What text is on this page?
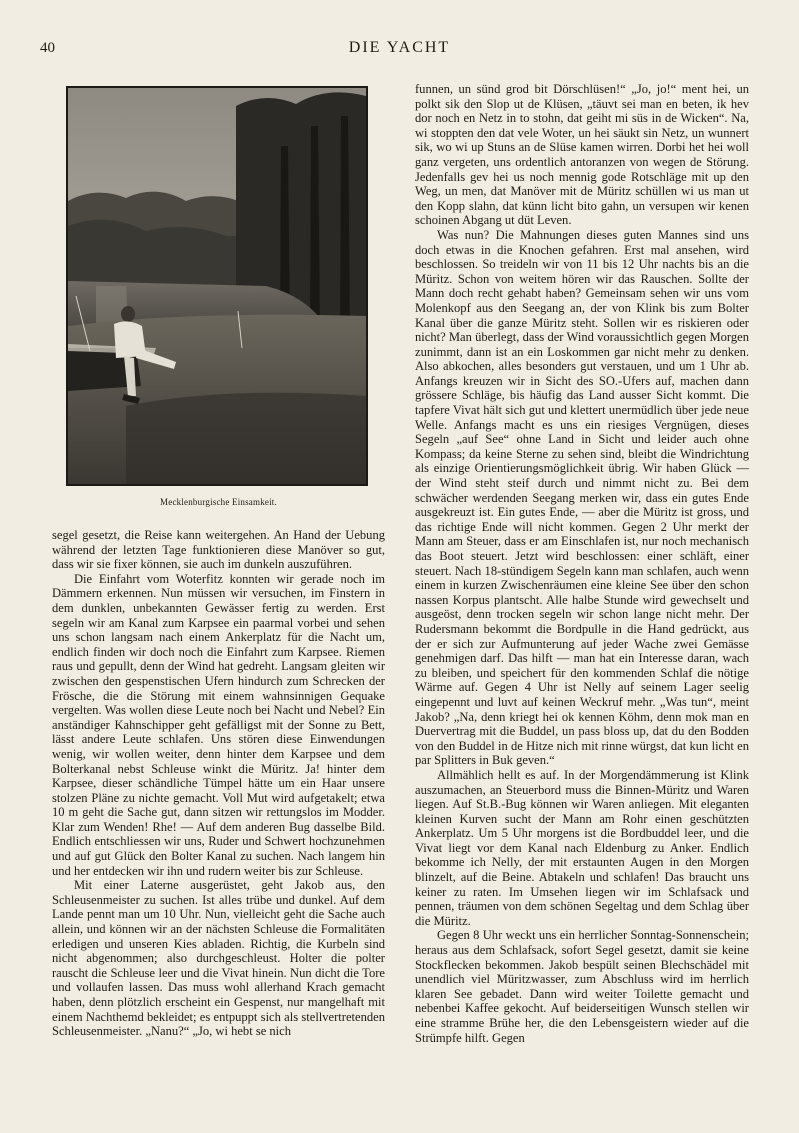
40	DIE YACHT
Mecklenburgische Einsamkeit.

segel gesetzt, die Reise kann weitergehen. An Hand der Uebung während der letzten Tage funktionieren diese Manöver so gut, dass wir sie fixer können, sie auch im dunkeln auszuführen.

Die Einfahrt vom Woterfitz konnten wir gerade noch im Dämmern erkennen. Nun müssen wir versuchen, im Finstern in dem dunklen, unbekannten Gewässer fertig zu werden. Erst segeln wir am Kanal zum Karpsee ein paarmal vorbei und sehen uns schon langsam nach einem Ankerplatz für die Nacht um, endlich finden wir doch noch die Einfahrt zum Karpsee. Riemen raus und gepullt, denn der Wind hat gedreht. Langsam gleiten wir zwischen den gespenstischen Ufern hindurch zum Schrecken der Frösche, die die Störung mit einem wahnsinnigen Gequake vergelten. Was wollen diese Leute noch bei Nacht und Nebel? Ein anständiger Kahnschipper geht gefälligst mit der Sonne zu Bett, lässt andere Leute schlafen. Uns stören diese Einwendungen wenig, wir wollen weiter, denn hinter dem Karpsee und dem Bolterkanal nebst Schleuse winkt die Müritz. Ja! hinter dem Karpsee, dieser schändliche Tümpel hätte um ein Haar unsere stolzen Pläne zu nichte gemacht. Voll Mut wird aufgetakelt; etwa 10 m geht die Sache gut, dann sitzen wir rettungslos im Modder. Klar zum Wenden! Rhe! — Auf dem anderen Bug dasselbe Bild. Endlich entschliessen wir uns, Ruder und Schwert hochzunehmen und auf gut Glück den Bolter Kanal zu suchen. Nach langem hin und her entdecken wir ihn und rudern weiter bis zur Schleuse.

Mit einer Laterne ausgerüstet, geht Jakob aus, den Schleusenmeister zu suchen. Ist alles trübe und dunkel. Auf dem Lande pennt man um 10 Uhr. Nun, vielleicht geht die Sache auch allein, und können wir an der nächsten Schleuse die Formalitäten erledigen und unseren Kies abladen. Richtig, die Kurbeln sind nicht abgenommen; also durchgeschleust. Holter die polter rauscht die Schleuse leer und die Vivat hinein. Nun dicht die Tore und vollaufen lassen. Das muss wohl allerhand Krach gemacht haben, denn plötzlich erscheint ein Gespenst, nur mangelhaft mit einem Nachthemd bekleidet; es entpuppt sich als stellvertretenden Schleusenmeister. „Nanu?“ „Jo, wi hebt se nich

funnen, un sünd grod bit Dörschlüsen!“ „Jo, jo!“ ment hei, un polkt sik den Slop ut de Klüsen, „täuvt sei man en beten, ik hev dor noch en Netz in to stohn, dat geiht mi süs in de Wicken“. Na, wi stoppten den dat vele Woter, un hei säukt sin Netz, un wunnert sik, wo wi up Stuns an de Slüse kamen wirren. Dorbi het hei woll ganz vergeten, uns ordentlich antoranzen von wegen de Störung. Jedenfalls gev hei us noch mennig gode Rotschläge mit up den Weg, un men, dat Manöver mit de Müritz schüllen wi us man ut den Kopp slahn, dat künn licht bito gahn, un versupen wir kenen schoinen Abgang ut düt Leven.

Was nun? Die Mahnungen dieses guten Mannes sind uns doch etwas in die Knochen gefahren. Erst mal ansehen, wird beschlossen. So treideln wir von 11 bis 12 Uhr nachts bis an die Müritz. Schon von weitem hören wir das Rauschen. Sollte der Mann doch recht gehabt haben? Gemeinsam sehen wir uns vom Molenkopf aus den Seegang an, der von Klink bis zum Bolter Kanal über die ganze Müritz steht. Sollen wir es riskieren oder nicht? Man überlegt, dass der Wind voraussichtlich gegen Morgen zunimmt, dann ist an ein Loskommen gar nicht mehr zu denken. Also abkochen, alles besonders gut verstauen, und um 1 Uhr ab. Anfangs kreuzen wir in Sicht des SO.-Ufers auf, machen dann grössere Schläge, bis häufig das Land ausser Sicht kommt. Die tapfere Vivat hält sich gut und klettert unermüdlich über jede neue Welle. Anfangs macht es uns ein riesiges Vergnügen, dieses Segeln „auf See“ ohne Land in Sicht und leider auch ohne Kompass; da keine Sterne zu sehen sind, bleibt die Windrichtung als einzige Orientierungsmöglichkeit übrig. Wir haben Glück — der Wind steht steif durch und nimmt nicht zu. Bei dem schwächer werdenden Seegang merken wir, dass ein gutes Ende ausgekreuzt ist. Ein gutes Ende, — aber die Müritz ist gross, und das richtige Ende will nicht kommen. Gegen 2 Uhr merkt der Mann am Steuer, dass er am Einschlafen ist, nur noch mechanisch das Boot steuert. Jetzt wird beschlossen: einer schläft, einer steuert. Nach 18-stündigem Segeln kann man schlafen, auch wenn einem in kurzen Zwischenräumen eine kleine See über den schon nassen Korpus plantscht. Alle halbe Stunde wird gewechselt und ausgeöst, denn trocken segeln wir schon lange nicht mehr. Der Rudersmann bekommt die Bordpulle in die Hand gedrückt, aus der er sich zur Aufmunterung auf jeder Wache zwei Gemässe genehmigen darf. Das hilft — man hat ein Interesse daran, wach zu bleiben, und speichert für den kommenden Schlaf die nötige Wärme auf. Gegen 4 Uhr ist Nelly auf seinem Lager seelig eingepennt und luvt auf keinen Weckruf mehr. „Was tun“, meint Jakob? „Na, denn kriegt hei ok kennen Köhm, denn mok man en Duervertrag mit die Buddel, un pass bloss up, dat du den Bodden von den Buddel in de Hitze nich mit rinne würgst, dat kun licht en par Splitters in Buk geven.“

Allmählich hellt es auf. In der Morgendämmerung ist Klink auszumachen, an Steuerbord muss die Binnen-Müritz und Waren liegen. Auf St.B.-Bug können wir Waren anliegen. Mit eleganten kleinen Kurven sucht der Mann am Rohr einen geschützten Ankerplatz. Um 5 Uhr morgens ist die Bordbuddel leer, und die Vivat liegt vor dem Kanal nach Eldenburg zu Anker. Endlich bekomme ich Nelly, der mit erstaunten Augen in den Morgen blinzelt, auf die Beine. Abtakeln und schlafen! Das braucht uns keiner zu raten. Im Umsehen liegen wir im Schlafsack und pennen, träumen von dem schönen Segeltag und dem Schlag über die Müritz.

Gegen 8 Uhr weckt uns ein herrlicher Sonntag-Sonnenschein; heraus aus dem Schlafsack, sofort Segel gesetzt, damit sie keine Stockflecken bekommen. Jakob bespült seinen Blechschädel mit unendlich viel Müritzwasser, zum Abschluss wird im herrlich klaren See gebadet. Dann wird weiter Toilette gemacht und nebenbei Kaffee gekocht. Auf beiderseitigen Wunsch stellen wir eine stramme Brühe her, die den Lebensgeistern wieder auf die Strümpfe hilft. Gegen
